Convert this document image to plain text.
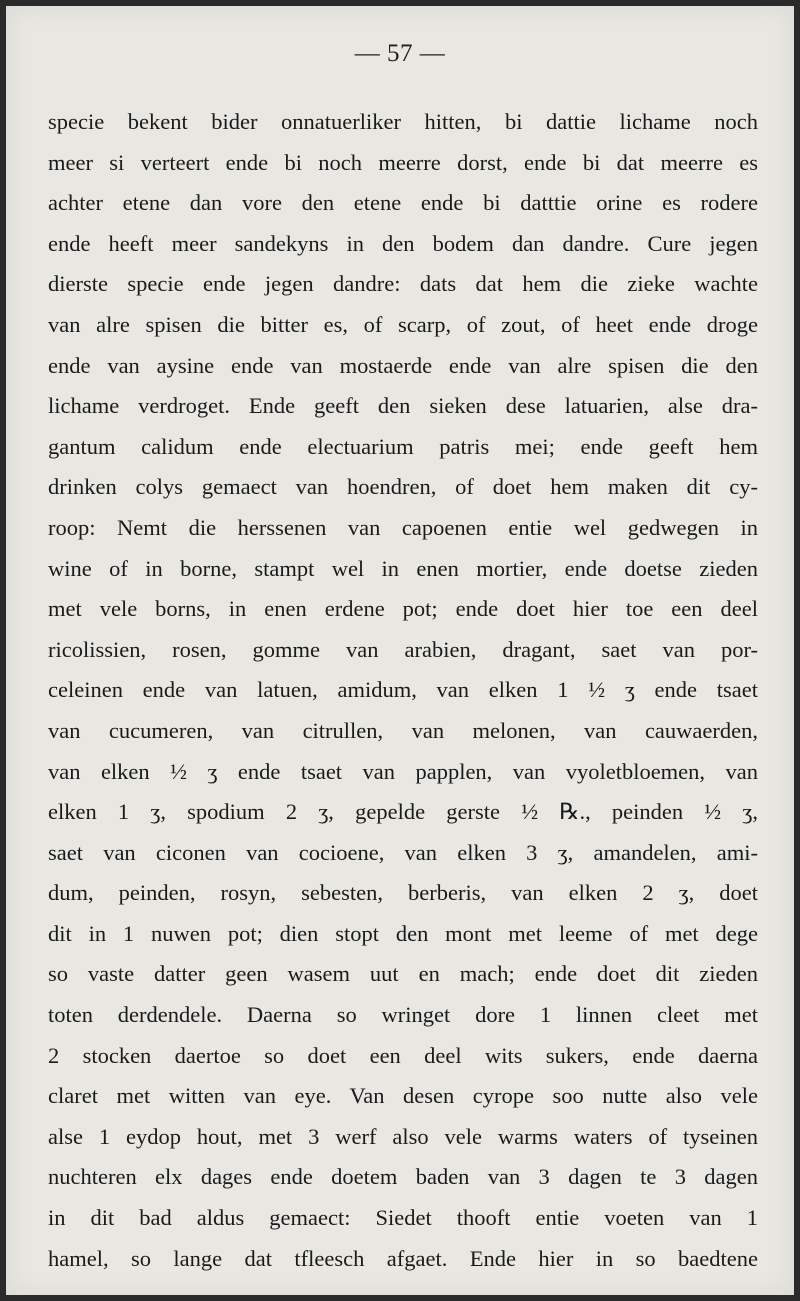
— 57 —
specie bekent bider onnatuerliker hitten, bi dattie lichame noch
meer si verteert ende bi noch meerre dorst, ende bi dat meerre es
achter etene dan vore den etene ende bi datttie orine es rodere
ende heeft meer sandekyns in den bodem dan dandre. Cure jegen
dierste specie ende jegen dandre: dats dat hem die zieke wachte
van alre spisen die bitter es, of scarp, of zout, of heet ende droge
ende van aysine ende van mostaerde ende van alre spisen die den
lichame verdroget. Ende geeft den sieken dese latuarien, alse dra-
gantum calidum ende electuarium patris mei; ende geeft hem
drinken colys gemaect van hoendren, of doet hem maken dit cy-
roop: Nemt die herssenen van capoenen entie wel gedwegen in
wine of in borne, stampt wel in enen mortier, ende doetse zieden
met vele borns, in enen erdene pot; ende doet hier toe een deel
ricolissien, rosen, gomme van arabien, dragant, saet van por-
celeinen ende van latuen, amidum, van elken 1 ½ ʒ ende tsaet
van cucumeren, van citrullen, van melonen, van cauwaerden,
van elken ½ ʒ ende tsaet van papplen, van vyoletbloemen, van
elken 1 ʒ, spodium 2 ʒ, gepelde gerste ½ ℞., peinden ½ ʒ,
saet van ciconen van cocioene, van elken 3 ʒ, amandelen, ami-
dum, peinden, rosyn, sebesten, berberis, van elken 2 ʒ, doet
dit in 1 nuwen pot; dien stopt den mont met leeme of met dege
so vaste datter geen wasem uut en mach; ende doet dit zieden
toten derdendele. Daerna so wringet dore 1 linnen cleet met
2 stocken daertoe so doet een deel wits sukers, ende daerna
claret met witten van eye. Van desen cyrope soo nutte also vele
alse 1 eydop hout, met 3 werf also vele warms waters of tyseinen
nuchteren elx dages ende doetem baden van 3 dagen te 3 dagen
in dit bad aldus gemaect: Siedet thooft entie voeten van 1
hamel, so lange dat tfleesch afgaet. Ende hier in so baedtene
